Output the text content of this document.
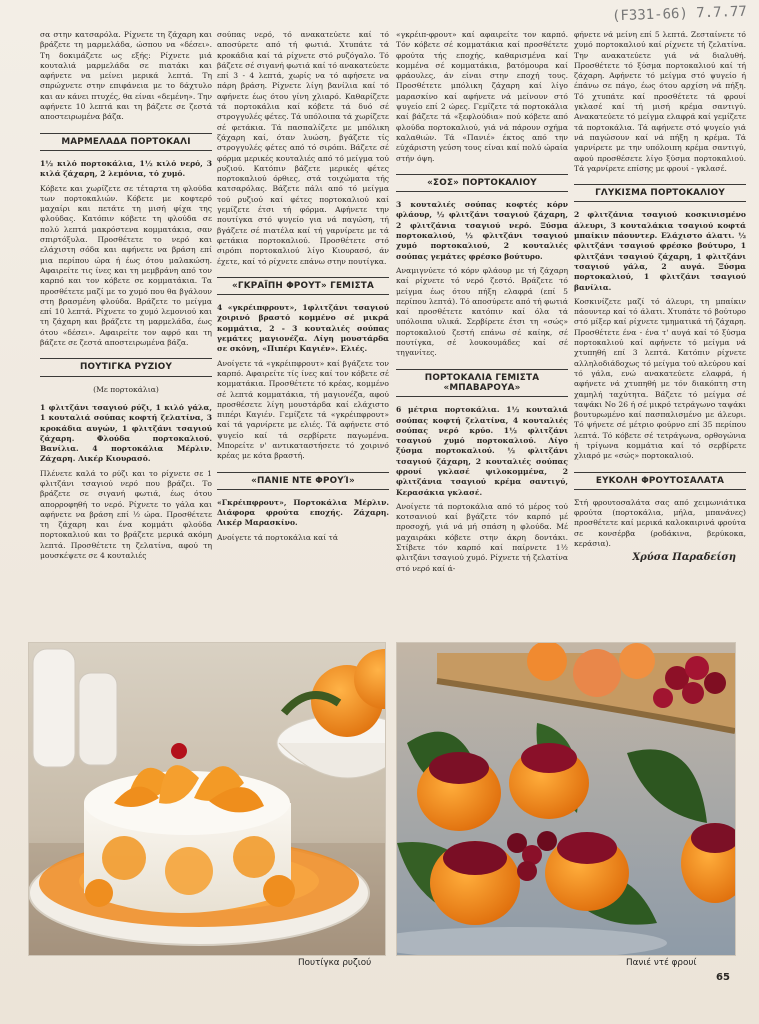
(F331-66) 7.7.77

σα στην κατσαρόλα. Ρίχνετε τη ζάχαρη και βράζετε τη μαρμελάδα, ώσπου να «δέσει». Τη δοκιμάζετε ως εξής: Ρίχνετε μιά κουταλιά μαρμελάδα σε πιατάκι και αφήνετε να μείνει μερικά λεπτά. Τη σπρώχνετε στην επιφάνεια με το δάχτυλο και αν κάνει πτυχές, θα είναι «δεμένη». Την αφήνετε 10 λεπτά και τη βάζετε σε ζεστά αποστειρωμένα βάζα.

ΜΑΡΜΕΛΑΔΑ ΠΟΡΤΟΚΑΛΙ

1½ κιλό πορτοκάλια, 1½ κιλό νερό, 3 κιλά ζάχαρη, 2 λεμόνια, τό χυμό.

Κόβετε και χωρίζετε σε τέταρτα τη φλούδα των πορτοκαλιών. Κόβετε με κοφτερό μαχαίρι και πετάτε τη μισή φίχα της φλούδας. Κατόπιν κόβετε τη φλούδα σε πολύ λεπτά μακρόστενα κομματάκια, σαν σπιρτόξυλα. Προσθέτετε το νερό και ελάχιστη σόδα και αφήνετε να βράση επί μια περίπου ώρα ή έως ότου μαλακώση. Αφαιρείτε τις ίνες και τη μεμβράνη από τον καρπό και τον κόβετε σε κομματάκια. Τα προσθέτετε μαζί με το χυμό που θα βγάλουν στη βρασμένη φλούδα. Βράζετε το μείγμα επί 10 λεπτά. Ρίχνετε το χυμό λεμονιού και τη ζάχαρη και βράζετε τη μαρμελάδα, έως ότου «δέσει». Αφαιρείτε τον αφρό και τη βάζετε σε ζεστά αποστειρωμένα βάζα.

ΠΟΥΤΙΓΚΑ ΡΥΖΙΟΥ

(Με πορτοκάλια)

1 φλιτζάνι τσαγιού ρύζι, 1 κιλό γάλα, 1 κουταλιά σούπας κοφτή ζελατίνα, 3 κροκάδια αυγών, 1 φλιτζάνι τσαγιού ζάχαρη. Φλούδα πορτοκαλιού. Βανίλια. 4 πορτοκάλια Μέρλιν. Ζάχαρη. Λικέρ Κιουρασό.

Πλένετε καλά το ρύζι και το ρίχνετε σε 1 φλιτζάνι τσαγιού νερό που βράζει. Το βράζετε σε σιγανή φωτιά, έως ότου απορροφηθή το νερό. Ρίχνετε το γάλα και αφήνετε να βράση επί ½ ώρα. Προσθέτετε τη ζάχαρη και ένα κομμάτι φλούδα πορτοκαλιού και το βράζετε μερικά ακόμη λεπτά. Προσθέτετε τη ζελατίνα, αφού τη μουσκέψετε σε 4 κουταλιές

σούπας νερό, τό ανακατεύετε καί τό αποσύρετε από τή φωτιά. Χτυπάτε τά κροκάδια καί τά ρίχνετε στό ρυζόγαλο. Τό βάζετε σέ σιγανή φωτιά καί τό ανακατεύετε επί 3 - 4 λεπτά, χωρίς να τό αφήσετε να πάρη βράση. Ρίχνετε λίγη βανίλια καί τό αφήνετε έως ότου γίνη χλιαρό. Καθαρίζετε τά πορτοκάλια καί κόβετε τά δυό σέ στρογγυλές φέτες. Τά υπόλοιπα τά χωρίζετε σέ φετάκια. Τά πασπαλίζετε με μπόλικη ζάχαρη καί, όταν λυώση, βγάζετε τίς στρογγυλές φέτες από τό σιρόπι. Βάζετε σέ φόρμα μερικές κουταλιές από τό μείγμα τού ρυζιού. Κατόπιν βάζετε μερικές φέτες πορτοκαλιού όρθιες, στά τοιχώματα τής κατσαρόλας. Βάζετε πάλι από τό μείγμα τού ρυζιού καί φέτες πορτοκαλιού καί γεμίζετε έτσι τή φόρμα. Αφήνετε την πουτίγκα στό ψυγείο για νά παγώση, τή βγάζετε σέ πιατέλα καί τή γαρνίρετε με τά φετάκια πορτοκαλιού. Προσθέτετε στό σιρόπι πορτοκαλιού λίγο Κιουρασό, άν έχετε, καί τό ρίχνετε επάνω στην πουτίγκα.

«ΓΚΡΑΪΠΗ ΦΡΟΥΤ» ΓΕΜΙΣΤΑ

4 «γκρέιπφρουτ», 1φλιτζάνι τσαγιού χοιρινό βραστό κομμένο σέ μικρά κομμάτια, 2 - 3 κουταλιές σούπας γεμάτες μαγιονέζα. Λίγη μουστάρδα σε σκόνη, «Πιπέρι Καγιέν». Ελιές.

Ανοίγετε τά «γκρέιπφρουτ» καί βγάζετε τον καρπό. Αφαιρείτε τίς ίνες καί τον κόβετε σέ κομματάκια. Προσθέτετε τό κρέας, κομμένο σέ λεπτά κομματάκια, τή μαγιονέζα, αφού προσθέσετε λίγη μουστάρδα καί ελάχιστο πιπέρι Καγιέν. Γεμίζετε τά «γκρέιπφρουτ» καί τά γαρνίρετε με ελιές. Τά αφήνετε στό ψυγείο καί τά σερβίρετε παγωμένα. Μπορείτε ν' αντικαταστήσετε τό χοιρινό κρέας με κότα βραστή.

«ΠΑΝΙΕ ΝΤΕ ΦΡΟΥΊ»

«Γκρέιπφρουτ», Πορτοκάλια Μέρλιν. Διάφορα φρούτα εποχής. Ζάχαρη. Λικέρ Μαρασκίνο.

Ανοίγετε τά πορτοκάλια καί τά

«γκρέιπ-φρουτ» καί αφαιρείτε τον καρπό. Τόν κόβετε σέ κομματάκια καί προσθέτετε φρούτα τής εποχής, καθαρισμένα καί κομμένα σέ κομματάκια, βατόμουρα καί φράουλες, άν είναι στην εποχή τους. Προσθέτετε μπόλικη ζάχαρη καί λίγο μαρασκίνο καί αφήνετε νά μείνουν στό ψυγείο επί 2 ώρες. Γεμίζετε τά πορτοκάλια καί βάζετε τά «ξεφλούδια» πού κόβετε από φλούδα πορτοκαλιού, γιά νά πάρουν σχήμα καλαθιών. Τά «Πανιέ» έκτος από την εύχάριστη γεύση τους είναι καί πολύ ώραία στήν όψη.

«ΣΟΣ» ΠΟΡΤΟΚΑΛΙΟΥ

3 κουταλιές σούπας κοφτές κόρν φλάουρ, ½ φλιτζάνι τσαγιού ζάχαρη, 2 φλιτζάνια τσαγιού νερό. Ξύσμα πορτοκαλιού, ½ φλιτζάνι τσαγιού χυμό πορτοκαλιού, 2 κουταλιές σούπας γεμάτες φρέσκο βούτυρο.

Αναμιγνύετε τό κόρν φλάουρ με τή ζάχαρη καί ρίχνετε τό νερό ζεστό. Βράζετε τό μείγμα έως ότου πήξη ελαφρά (επί 5 περίπου λεπτά). Τό αποσύρετε από τή φωτιά καί προσθέτετε κατόπιν καί όλα τά υπόλοιπα υλικά. Σερβίρετε έτσι τη «σώς» πορτοκαλιού ζεστή επάνω σέ καίηκ, σέ πουτίγκα, σέ λουκουμάδες καί σέ τηγανίτες.

ΠΟΡΤΟΚΑΛΙΑ ΓΕΜΙΣΤΑ «ΜΠΑΒΑΡΟΥΑ»

6 μέτρια πορτοκάλια. 1½ κουταλιά σούπας κοφτή ζελατίνα, 4 κουταλιές σούπας νερό κρύο. 1½ φλιτζάνι τσαγιού χυμό πορτοκαλιού. Λίγο ξύσμα πορτοκαλιού. ½ φλιτζάνι τσαγιού ζάχαρη, 2 κουταλιές σούπας φρουί γκλασέ ψιλοκομμένα, 2 φλιτζάνια τσαγιού κρέμα σαντιγύ, Κερασάκια γκλασέ.

Ανοίγετε τά πορτοκάλια από τό μέρος τού κοτσανιού καί βγάζετε τόν καρπό μέ προσοχή, γιά νά μή σπάση η φλούδα. Μέ μαχαιράκι κόβετε στην άκρη δοντάκι. Στίβετε τόν καρπό καί παίρνετε 1½ φλιτζάνι τσαγιού χυμό. Ρίχνετε τή ζελατίνα στό νερό καί ά-

φήνετε νά μείνη επί 5 λεπτά. Ζεσταίνετε τό χυμό πορτοκαλιού καί ρίχνετε τή ζελατίνα. Την ανακατεύετε γιά νά διαλυθή. Προσθέτετε τό ξύσμα πορτοκαλιού καί τή ζάχαρη. Αφήνετε τό μείγμα στό ψυγείο ή έπάνω σε πάγο, έως ότου αρχίση νά πήξη. Τό χτυπάτε καί προσθέτετε τά φρουί γκλασέ καί τή μισή κρέμα σαντιγύ. Ανακατεύετε τό μείγμα ελαφρά καί γεμίζετε τά πορτοκάλια. Τά αφήνετε στό ψυγείο γιά νά παγώσουν καί νά πήξη η κρέμα. Τά γαρνίρετε με την υπόλοιπη κρέμα σαντιγύ, αφού προσθέσετε λίγο ξύσμα πορτοκαλιού. Τά γαρνίρετε επίσης με φρουί - γκλασέ.

ΓΛΥΚΙΣΜΑ ΠΟΡΤΟΚΑΛΙΟΥ

2 φλιτζάνια τσαγιού κοσκινισμένο άλευρι, 3 κουταλάκια τσαγιού κοφτά μπαίκιν πάουντερ. Ελάχιστο άλατι. ½ φλιτζάνι τσαγιού φρέσκο βούτυρο, 1 φλιτζάνι τσαγιού ζάχαρη, 1 φλιτζάνι τσαγιού γάλα, 2 αυγά. Ξύσμα πορτοκαλιού, 1 φλιτζάνι τσαγιού βανίλια.

Κοσκινίζετε μαζί τό άλευρι, τη μπαίκιν πάουντερ καί τό άλατι. Χτυπάτε τό βούτυρο στό μίξερ καί ρίχνετε τμηματικά τή ζάχαρη. Προσθέτετε ένα - ένα τ' αυγά καί τό ξύσμα πορτοκαλιού καί αφήνετε τό μείγμα νά χτυπηθή επί 3 λεπτά. Κατόπιν ρίχνετε αλληλοδιάδοχως τό μείγμα τού αλεύρου καί τό γάλα, ενώ ανακατεύετε ελαφρά, ή αφήνετε νά χτυπηθή με τόν διακόπτη στη χαμηλή ταχύτητα. Βάζετε τό μείγμα σέ ταψάκι Νο 26 ή σέ μικρό τετράγωνο ταψάκι βουτυρωμένο καί πασπαλισμένο με άλευρι. Τό ψήνετε σέ μέτριο φούρνο επί 35 περίπου λεπτά. Τό κόβετε σέ τετράγωνα, ορθογώνια ή τρίγωνα κομμάτια καί τό σερβίρετε χλιαρό με «σώς» πορτοκαλιού.

ΕΥΚΟΛΗ ΦΡΟΥΤΟΣΑΛΑΤΑ

Στή φρουτοσαλάτα σας από χειμωνιάτικα φρούτα (πορτοκάλια, μήλα, μπανάνες) προσθέτετε καί μερικά καλοκαιρινά φρούτα σε κονσέρβα (ροδάκινα, βερύκοκα, κεράσια).

Χρύσα Παραδείση
Πουτίγκα ρυζιού	Πανιέ ντέ φρουί
65
